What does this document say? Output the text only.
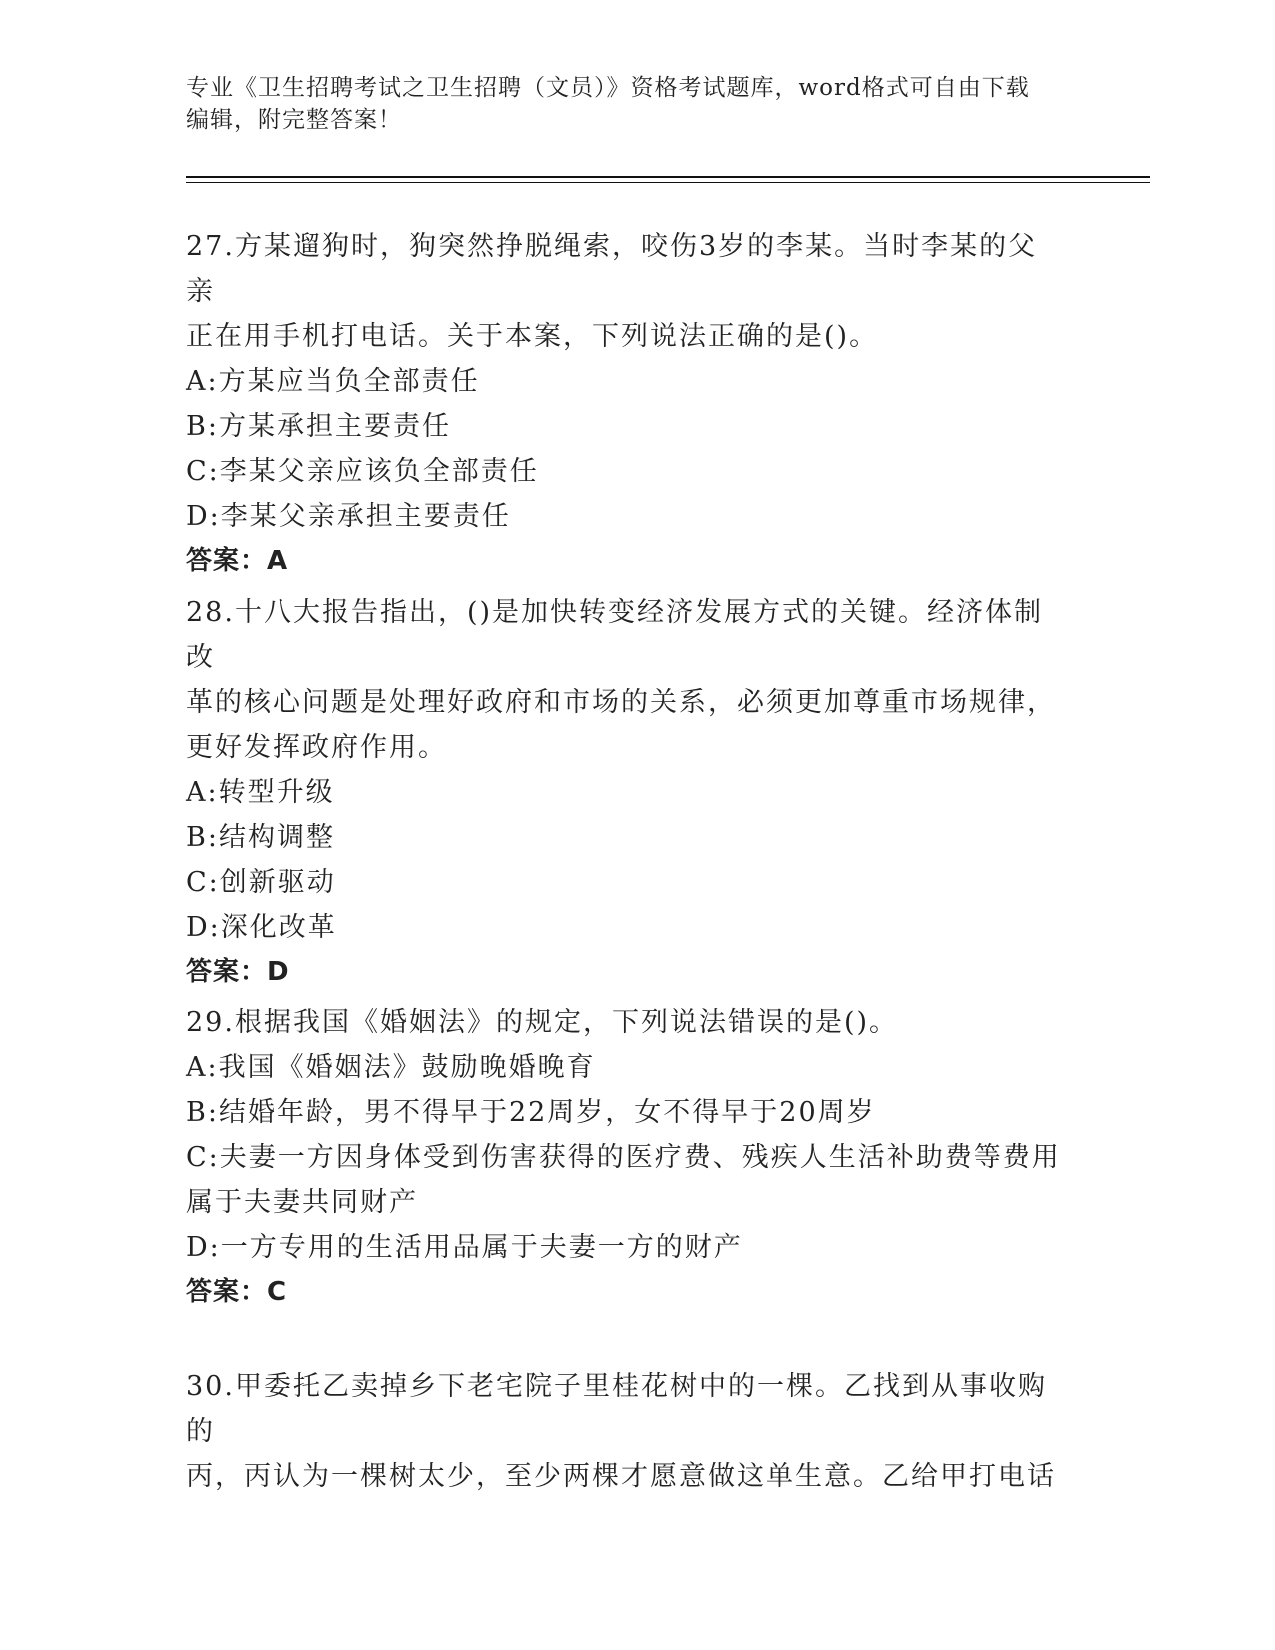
专业《卫生招聘考试之卫生招聘（文员）》资格考试题库，word格式可自由下载
编辑，附完整答案！
27.方某遛狗时，狗突然挣脱绳索，咬伤3岁的李某。当时李某的父亲
正在用手机打电话。关于本案，下列说法正确的是()。
A:方某应当负全部责任
B:方某承担主要责任
C:李某父亲应该负全部责任
D:李某父亲承担主要责任
答案：A
28.十八大报告指出，()是加快转变经济发展方式的关键。经济体制改
革的核心问题是处理好政府和市场的关系，必须更加尊重市场规律，
更好发挥政府作用。
A:转型升级
B:结构调整
C:创新驱动
D:深化改革
答案：D
29.根据我国《婚姻法》的规定，下列说法错误的是()。
A:我国《婚姻法》鼓励晚婚晚育
B:结婚年龄，男不得早于22周岁，女不得早于20周岁
C:夫妻一方因身体受到伤害获得的医疗费、残疾人生活补助费等费用
属于夫妻共同财产
D:一方专用的生活用品属于夫妻一方的财产
答案：C
30.甲委托乙卖掉乡下老宅院子里桂花树中的一棵。乙找到从事收购的
丙，丙认为一棵树太少，至少两棵才愿意做这单生意。乙给甲打电话
